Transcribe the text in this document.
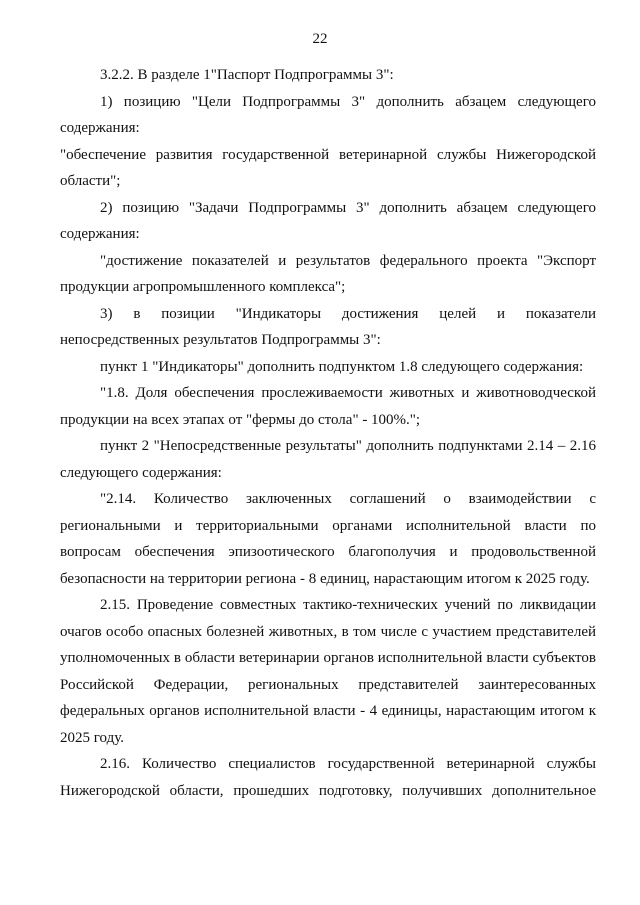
22

3.2.2. В разделе 1"Паспорт Подпрограммы 3":

1) позицию "Цели Подпрограммы 3" дополнить абзацем следующего содержания:

"обеспечение развития государственной ветеринарной службы Нижегородской области";

2) позицию "Задачи Подпрограммы 3" дополнить абзацем следующего содержания:

"достижение показателей и результатов федерального проекта "Экспорт продукции агропромышленного комплекса";

3) в позиции "Индикаторы достижения целей и показатели непосредственных результатов Подпрограммы 3":

пункт 1 "Индикаторы" дополнить подпунктом 1.8 следующего содержания:

"1.8. Доля обеспечения прослеживаемости животных и животноводческой продукции на всех этапах от "фермы до стола" - 100%.";

пункт 2 "Непосредственные результаты" дополнить подпунктами 2.14 – 2.16 следующего содержания:

"2.14. Количество заключенных соглашений о взаимодействии с региональными и территориальными органами исполнительной власти по вопросам обеспечения эпизоотического благополучия и продовольственной безопасности на территории региона - 8 единиц, нарастающим итогом к 2025 году.

2.15. Проведение совместных тактико-технических учений по ликвидации очагов особо опасных болезней животных, в том числе с участием представителей уполномоченных в области ветеринарии органов исполнительной власти субъектов Российской Федерации, региональных представителей заинтересованных федеральных органов исполнительной власти - 4 единицы, нарастающим итогом к 2025 году.

2.16. Количество специалистов государственной ветеринарной службы Нижегородской области, прошедших подготовку, получивших дополнительное
